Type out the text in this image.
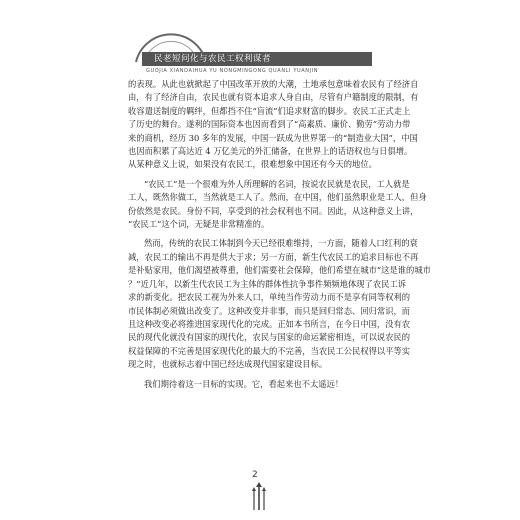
民老短问化与农民工权利谋者
GUOJIA XIANDAIHUA YU NONGMINGONG QUANLI YUANJIN

的表现。从此也就掀起了中国改革开放的大潮，土地承包意味着农民有了经济自
由，有了经济自由，农民也就有资本追求人身自由，尽管有户籍制度的限制，有
收容遣送制度的羁绊，但都挡不住“盲流”们追求财富的脚步。农民工正式走上
了历史的舞台。遂利的国际资本也因而看到了“高素质、廉价、勤劳”劳动力带
来的商机，经历 30 多年的发展，中国一跃成为世界第一的“制造业大国”，中国
也因而积累了高达近 4 万亿美元的外汇储备，在世界上的话语权也与日俱增。
从某种意义上说，如果没有农民工，很难想象中国还有今天的地位。

“农民工”是一个很难为外人所理解的名词，按说农民就是农民，工人就是
工人，既然你做工，当然就是工人了。然而，在中国，他们虽然职业是工人，但身
份依然是农民。身份不同，享受到的社会权利也不同。因此，从这种意义上讲，
“农民工”这个词，无疑是非常精准的。

然而，传统的农民工体制到今天已经很难维持，一方面，随着人口红利的衰
减，农民工的输出不再是供大于求；另一方面，新生代农民工的追求目标也不再
是补贴家用，他们渴望被尊重，他们需要社会保障，他们希望在城市“这是谁的城市
？”近几年，以新生代农民工为主体的群体性抗争事件频频地体现了农民工诉
求的新变化。把农民工视为外来人口，单纯当作劳动力而不是享有同等权利的
市民体制必须做出改变了。这种改变并非事，而只是回归常态、回归常识，而
且这种改变必将推进国家现代化的完成。正如本书所言，在今日中国，没有农
民的现代化就没有国家的现代化，农民与国家的命运紧密相连，可以说农民的
权益保障的不完善是国家现代化的最大的不完善，当农民工公民权得以平等实
现之时，也就标志着中国已经达成现代国家建设目标。

我们期待着这一目标的实现。它，看起来也不太遥远！

2
